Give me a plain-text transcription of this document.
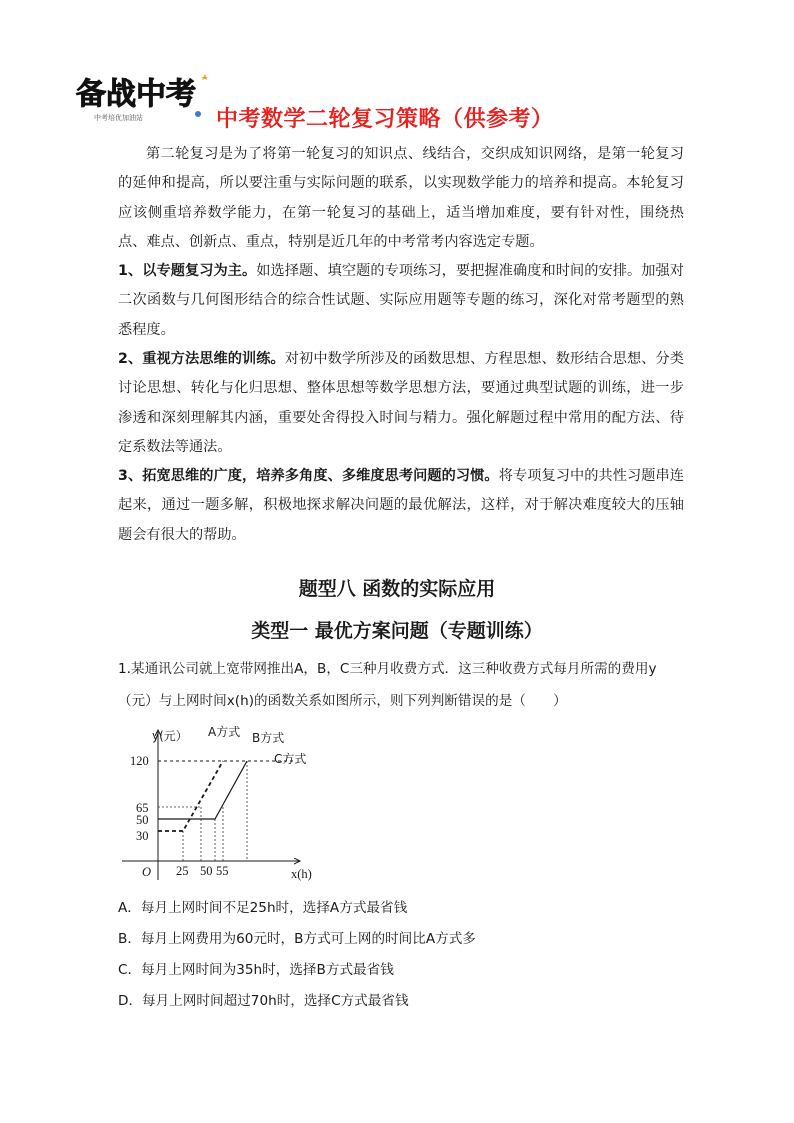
备战中考
中考培优加油站	中考数学二轮复习策略（供参考）

第二轮复习是为了将第一轮复习的知识点、线结合，交织成知识网络，是第一轮复习的延伸和提高，所以要注重与实际问题的联系，以实现数学能力的培养和提高。本轮复习应该侧重培养数学能力，在第一轮复习的基础上，适当增加难度，要有针对性，围绕热点、难点、创新点、重点，特别是近几年的中考常考内容选定专题。

1、以专题复习为主。如选择题、填空题的专项练习，要把握准确度和时间的安排。加强对二次函数与几何图形结合的综合性试题、实际应用题等专题的练习，深化对常考题型的熟悉程度。

2、重视方法思维的训练。对初中数学所涉及的函数思想、方程思想、数形结合思想、分类讨论思想、转化与化归思想、整体思想等数学思想方法，要通过典型试题的训练，进一步渗透和深刻理解其内涵，重要处舍得投入时间与精力。强化解题过程中常用的配方法、待定系数法等通法。

3、拓宽思维的广度，培养多角度、多维度思考问题的习惯。将专项复习中的共性习题串连起来，通过一题多解，积极地探求解决问题的最优解法，这样，对于解决难度较大的压轴题会有很大的帮助。

题型八 函数的实际应用
类型一 最优方案问题（专题训练）

1.某通讯公司就上宽带网推出A，B，C三种月收费方式．这三种收费方式每月所需的费用y（元）与上网时间x(h)的函数关系如图所示，则下列判断错误的是（　　）

y(元）
x(h)
O
120
65
50
30
25 50 55
A方式 B方式
C方式
A．每月上网时间不足25h时，选择A方式最省钱
B．每月上网费用为60元时，B方式可上网的时间比A方式多
C．每月上网时间为35h时，选择B方式最省钱
D．每月上网时间超过70h时，选择C方式最省钱
